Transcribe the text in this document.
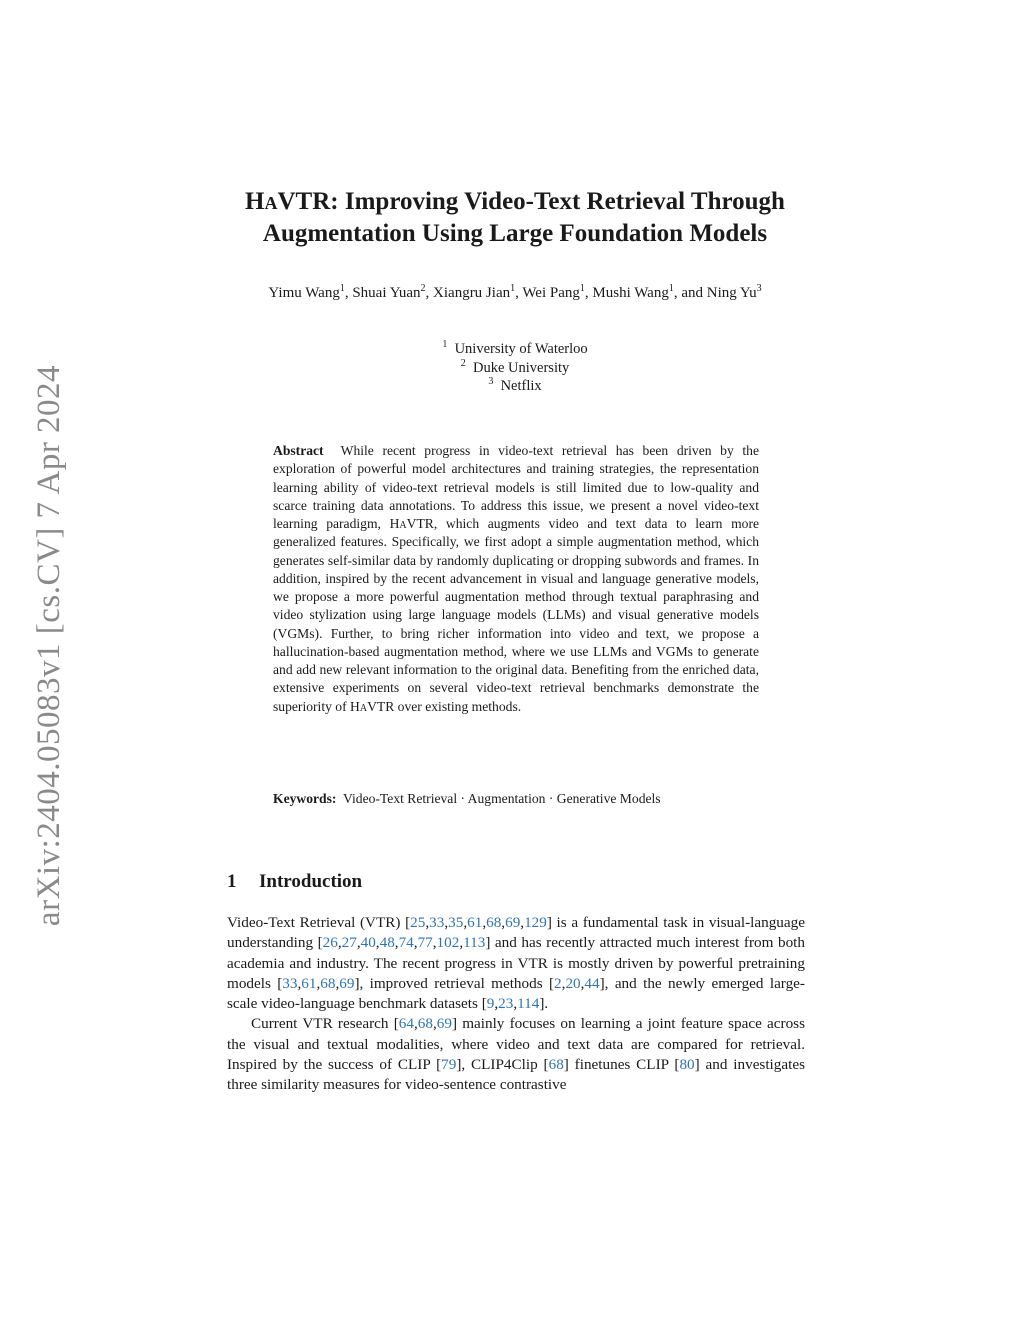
arXiv:2404.05083v1 [cs.CV] 7 Apr 2024
HaVTR: Improving Video-Text Retrieval Through
Augmentation Using Large Foundation Models
Yimu Wang$^1$, Shuai Yuan$^2$, Xiangru Jian$^1$, Wei Pang$^1$, Mushi Wang$^1$, and Ning Yu$^3$
$^1$ University of Waterloo
$^2$ Duke University
$^3$ Netflix
Abstract While recent progress in video-text retrieval has been driven by the exploration of powerful model architectures and training strategies, the representation learning ability of video-text retrieval models is still limited due to low-quality and scarce training data annotations. To address this issue, we present a novel video-text learning paradigm, HaVTR, which augments video and text data to learn more generalized features. Specifically, we first adopt a simple augmentation method, which generates self-similar data by randomly duplicating or dropping subwords and frames. In addition, inspired by the recent advancement in visual and language generative models, we propose a more powerful augmentation method through textual paraphrasing and video stylization using large language models (LLMs) and visual generative models (VGMs). Further, to bring richer information into video and text, we propose a hallucination-based augmentation method, where we use LLMs and VGMs to generate and add new relevant information to the original data. Benefiting from the enriched data, extensive experiments on several video-text retrieval benchmarks demonstrate the superiority of HaVTR over existing methods.
Keywords: Video-Text Retrieval · Augmentation · Generative Models
1 Introduction

Video-Text Retrieval (VTR) [25,33,35,61,68,69,129] is a fundamental task in visual-language understanding [26,27,40,48,74,77,102,113] and has recently attracted much interest from both academia and industry. The recent progress in VTR is mostly driven by powerful pretraining models [33,61,68,69], improved retrieval methods [2,20,44], and the newly emerged large-scale video-language benchmark datasets [9,23,114].

Current VTR research [64,68,69] mainly focuses on learning a joint feature space across the visual and textual modalities, where video and text data are compared for retrieval. Inspired by the success of CLIP [79], CLIP4Clip [68] finetunes CLIP [80] and investigates three similarity measures for video-sentence contrastive
